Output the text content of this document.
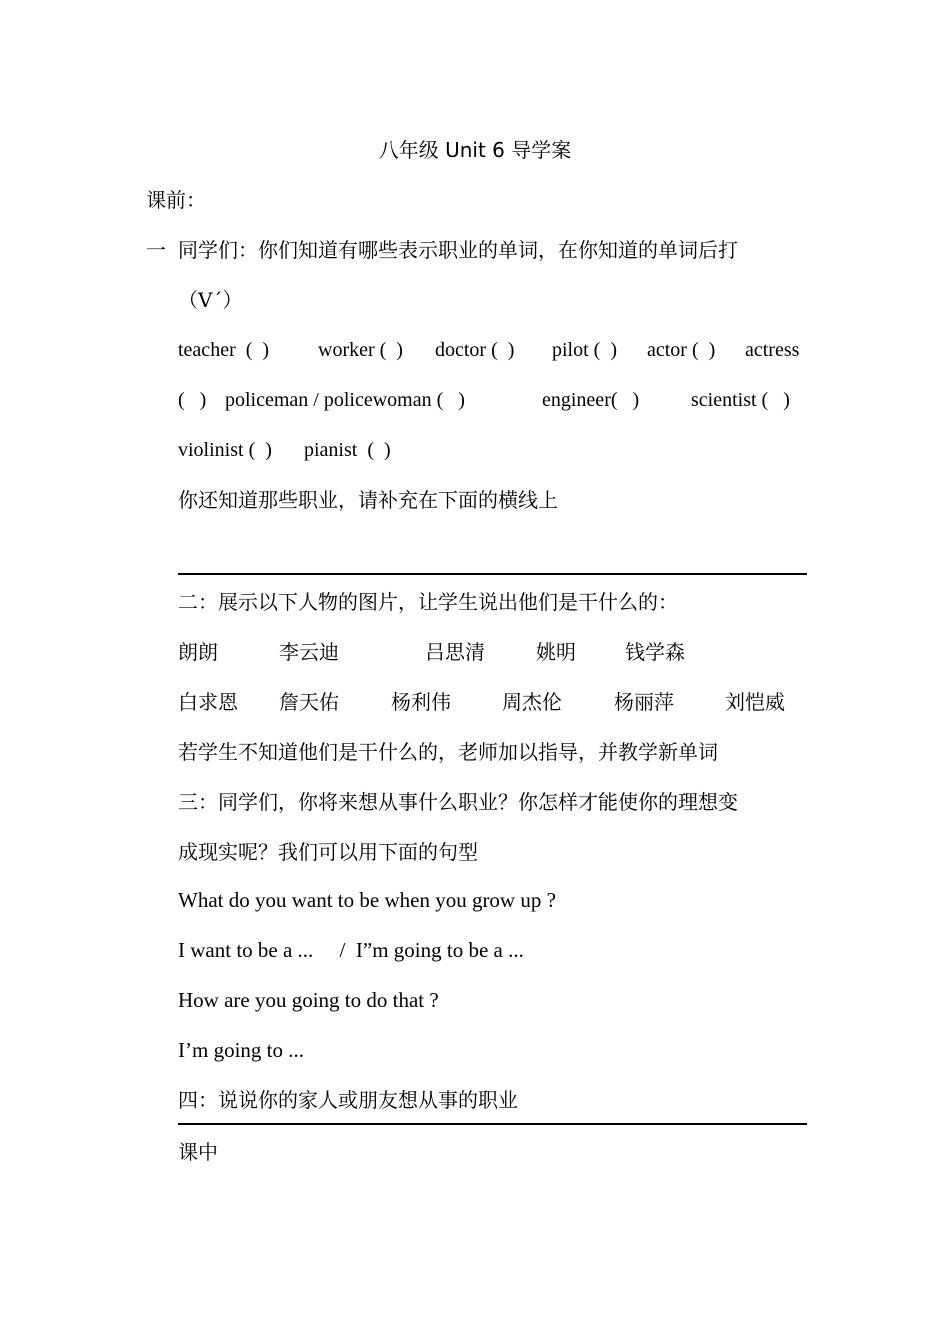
八年级 Unit 6 导学案
课前：
一 同学们：你们知道有哪些表示职业的单词，在你知道的单词后打
（Vˊ）
teacher  (  ) worker (  ) doctor (  ) pilot (  ) actor (  ) actress
(   ) policeman / policewoman (   )	engineer(   )	scientist (   )
violinist (  ) pianist  (  )
你还知道那些职业，请补充在下面的横线上
二：展示以下人物的图片，让学生说出他们是干什么的：
朗朗	李云迪	吕思清	姚明 钱学森
白求恩 詹天佑	杨利伟	周杰伦	杨丽萍	刘恺威
若学生不知道他们是干什么的，老师加以指导，并教学新单词
三：同学们，你将来想从事什么职业？你怎样才能使你的理想变
成现实呢？我们可以用下面的句型
What do you want to be when you grow up ?
I want to be a ...     /  I”m going to be a ...
How are you going to do that ?
I’m going to ...
四：说说你的家人或朋友想从事的职业
课中
